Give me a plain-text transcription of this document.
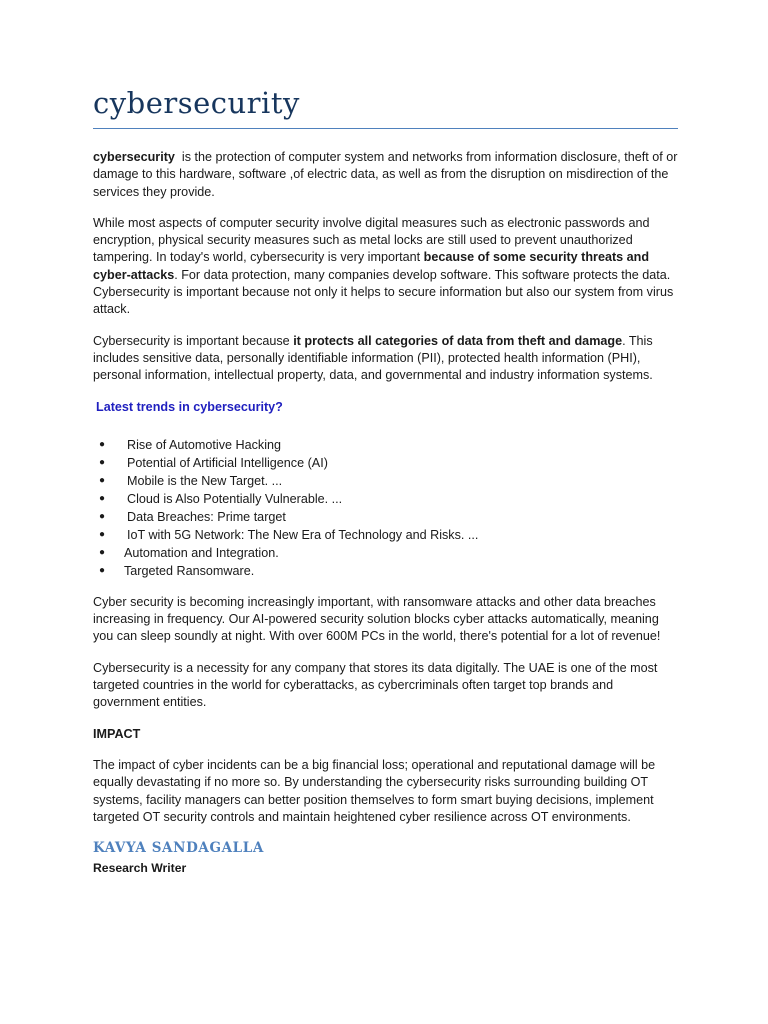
cybersecurity

cybersecurity  is the protection of computer system and networks from information disclosure, theft of or damage to this hardware, software ,of electric data, as well as from the disruption on misdirection of the services they provide.

While most aspects of computer security involve digital measures such as electronic passwords and encryption, physical security measures such as metal locks are still used to prevent unauthorized tampering. In today's world, cybersecurity is very important because of some security threats and cyber-attacks. For data protection, many companies develop software. This software protects the data. Cybersecurity is important because not only it helps to secure information but also our system from virus attack.

Cybersecurity is important because it protects all categories of data from theft and damage. This includes sensitive data, personally identifiable information (PII), protected health information (PHI), personal information, intellectual property, data, and governmental and industry information systems.

Latest trends in cybersecurity?

● Rise of Automotive Hacking
● Potential of Artificial Intelligence (AI)
● Mobile is the New Target. ...
● Cloud is Also Potentially Vulnerable. ...
● Data Breaches: Prime target
● IoT with 5G Network: The New Era of Technology and Risks. ...
● Automation and Integration.
● Targeted Ransomware.

Cyber security is becoming increasingly important, with ransomware attacks and other data breaches increasing in frequency. Our AI-powered security solution blocks cyber attacks automatically, meaning you can sleep soundly at night. With over 600M PCs in the world, there's potential for a lot of revenue!

Cybersecurity is a necessity for any company that stores its data digitally. The UAE is one of the most targeted countries in the world for cyberattacks, as cybercriminals often target top brands and government entities.

IMPACT

The impact of cyber incidents can be a big financial loss; operational and reputational damage will be equally devastating if no more so. By understanding the cybersecurity risks surrounding building OT systems, facility managers can better position themselves to form smart buying decisions, implement targeted OT security controls and maintain heightened cyber resilience across OT environments.

KAVYA SANDAGALLA

Research Writer
